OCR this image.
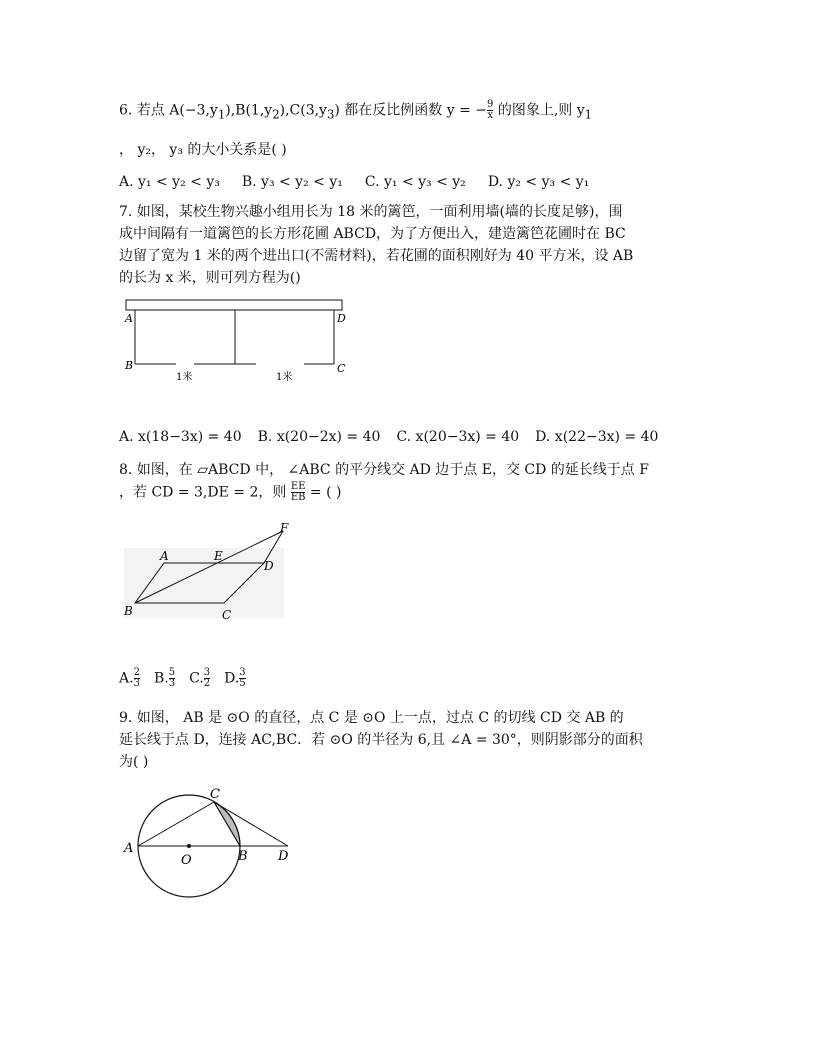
6. 若点 $A(-3,y_1),B(1,y_2),C(3,y_3)$ 都在反比例函数 y = − $\frac{9}{x}$ 的图象上,则 $y_1$
， y₂， y₃ 的大小关系是( )
A. y₁ < y₂ < y₃ B. y₃ < y₂ < y₁ C. y₁ < y₃ < y₂ D. y₂ < y₃ < y₁
7. 如图，某校生物兴趣小组用长为 18 米的篱笆，一面利用墙(墙的长度足够)，围
成中间隔有一道篱笆的长方形花圃 ABCD，为了方便出入，建造篱笆花圃时在 BC
边留了宽为 1 米的两个进出口(不需材料)，若花圃的面积刚好为 40 平方米，设 AB
的长为 x 米，则可列方程为()
A	D
B	C
1米	1米
A. x(18−3x) = 40 B. x(20−2x) = 40 C. x(20−3x) = 40 D. x(22−3x) = 40
8. 如图，在 ▱ABCD 中， ∠ABC 的平分线交 AD 边于点 E，交 CD 的延长线于点 F
，若 CD = 3,DE = 2，则 $\frac{EE}{EB}$ = ( )
A	E
D
F
B	C
A. $\frac{2}{3} B$. $\frac{5}{3} C$. $\frac{3}{2} D$. $\frac{3}{5}$
9. 如图， AB 是 ⊙O 的直径，点 C 是 ⊙O 上一点，过点 C 的切线 CD 交 AB 的
延长线于点 D，连接 AC,BC．若 ⊙O 的半径为 6,且 ∠A = 30°，则阴影部分的面积
为( )
A
O	B
C
D
